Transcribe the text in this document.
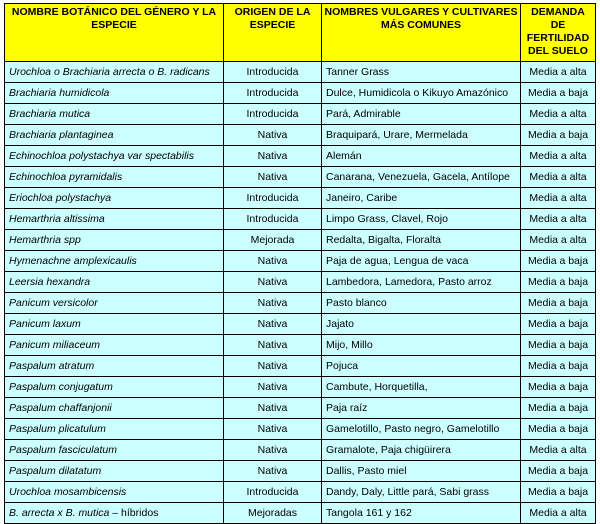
NOMBRE BOTÁNICO DEL GÉNERO Y LA ESPECIE	ORIGEN DE LA ESPECIE	NOMBRES VULGARES Y CULTIVARES MÁS COMUNES	DEMANDA DE FERTILIDAD DEL SUELO
Urochloa o Brachiaria arrecta o B. radicans	Introducida	Tanner Grass	Media a alta
Brachiaria humidicola	Introducida	Dulce, Humidicola o Kikuyo Amazónico	Media a baja
Brachiaria mutica	Introducida	Pará, Admirable	Media a alta
Brachiaria plantaginea	Nativa	Braquipará, Urare, Mermelada	Media a baja
Echinochloa polystachya var spectabilis	Nativa	Alemán	Media a alta
Echinochloa pyramidalis	Nativa	Canarana, Venezuela, Gacela, Antílope	Media a alta
Eriochloa polystachya	Introducida	Janeiro, Caribe	Media a alta
Hemarthria altissima	Introducida	Limpo Grass, Clavel, Rojo	Media a alta
Hemarthria spp	Mejorada	Redalta, Bigalta, Floralta	Media a alta
Hymenachne amplexicaulis	Nativa	Paja de agua, Lengua de vaca	Media a baja
Leersia hexandra	Nativa	Lambedora, Lamedora, Pasto arroz	Media a baja
Panicum versicolor	Nativa	Pasto blanco	Media a baja
Panicum laxum	Nativa	Jajato	Media a baja
Panicum miliaceum	Nativa	Mijo, Millo	Media a baja
Paspalum atratum	Nativa	Pojuca	Media a baja
Paspalum conjugatum	Nativa	Cambute, Horquetilla,	Media a baja
Paspalum chaffanjonii	Nativa	Paja raíz	Media a baja
Paspalum plicatulum	Nativa	Gamelotillo, Pasto negro, Gamelotillo	Media a baja
Paspalum fasciculatum	Nativa	Gramalote, Paja chigüirera	Media a alta
Paspalum dilatatum	Nativa	Dallis, Pasto miel	Media a baja
Urochloa mosambicensis	Introducida	Dandy, Daly, Little pará, Sabi grass	Media a baja
B. arrecta x B. mutica – híbridos	Mejoradas	Tangola 161 y 162	Media a alta
